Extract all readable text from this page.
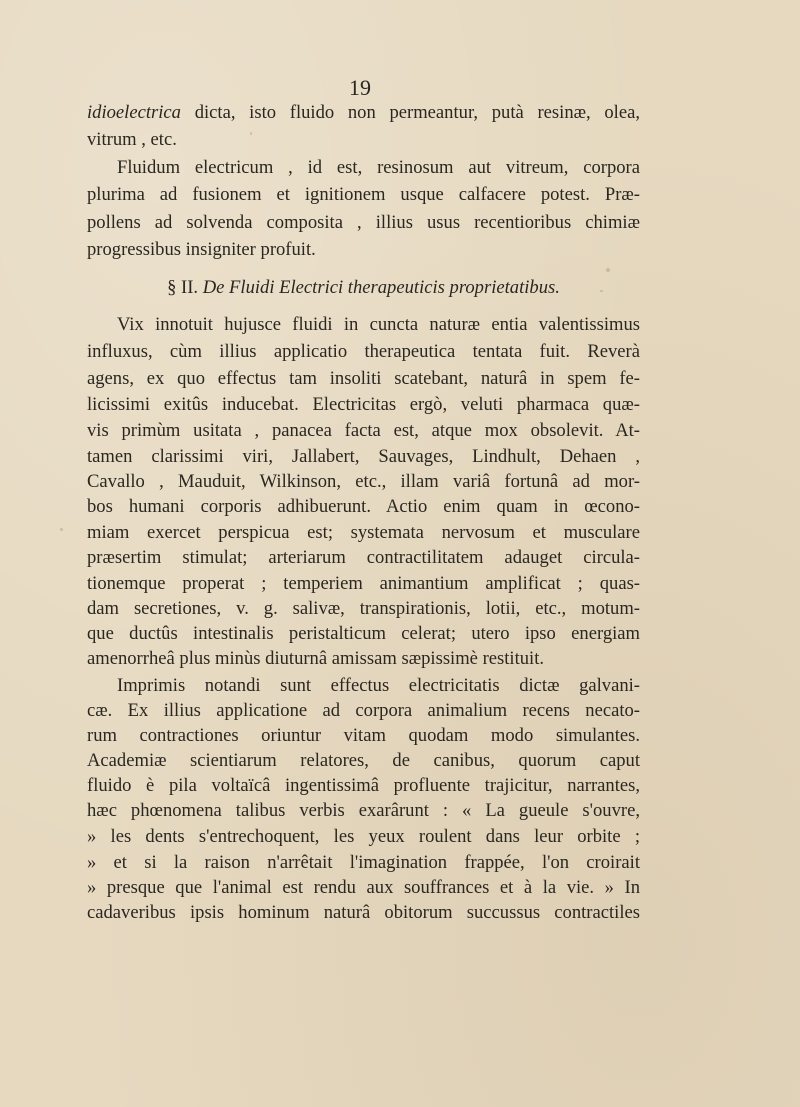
19
idioelectrica dicta, isto fluido non permeantur, putà resinæ, olea,
vitrum , etc.
Fluidum electricum , id est, resinosum aut vitreum, corpora
plurima ad fusionem et ignitionem usque calfacere potest. Præ-
pollens ad solvenda composita , illius usus recentioribus chimiæ
progressibus insigniter profuit.
§ II. De Fluidi Electrici therapeuticis proprietatibus.
Vix innotuit hujusce fluidi in cuncta naturæ entia valentissimus
influxus, cùm illius applicatio therapeutica tentata fuit. Reverà
agens, ex quo effectus tam insoliti scatebant, naturâ in spem fe-
licissimi exitûs inducebat. Electricitas ergò, veluti pharmaca quæ-
vis primùm usitata , panacea facta est, atque mox obsolevit. At-
tamen clarissimi viri, Jallabert, Sauvages, Lindhult, Dehaen ,
Cavallo , Mauduit, Wilkinson, etc., illam variâ fortunâ ad mor-
bos humani corporis adhibuerunt. Actio enim quam in œcono-
miam exercet perspicua est; systemata nervosum et musculare
præsertim stimulat; arteriarum contractilitatem adauget circula-
tionemque properat ; temperiem animantium amplificat ; quas-
dam secretiones, v. g. salivæ, transpirationis, lotii, etc., motum-
que ductûs intestinalis peristalticum celerat; utero ipso energiam
amenorrheâ plus minùs diuturnâ amissam sæpissimè restituit.
Imprimis notandi sunt effectus electricitatis dictæ galvani-
cæ. Ex illius applicatione ad corpora animalium recens necato-
rum contractiones oriuntur vitam quodam modo simulantes.
Academiæ scientiarum relatores, de canibus, quorum caput
fluido è pila voltaïcâ ingentissimâ profluente trajicitur, narrantes,
hæc phœnomena talibus verbis exarârunt : « La gueule s'ouvre,
» les dents s'entrechoquent, les yeux roulent dans leur orbite ;
» et si la raison n'arrêtait l'imagination frappée, l'on croirait
» presque que l'animal est rendu aux souffrances et à la vie. » In
cadaveribus ipsis hominum naturâ obitorum succussus contractiles
